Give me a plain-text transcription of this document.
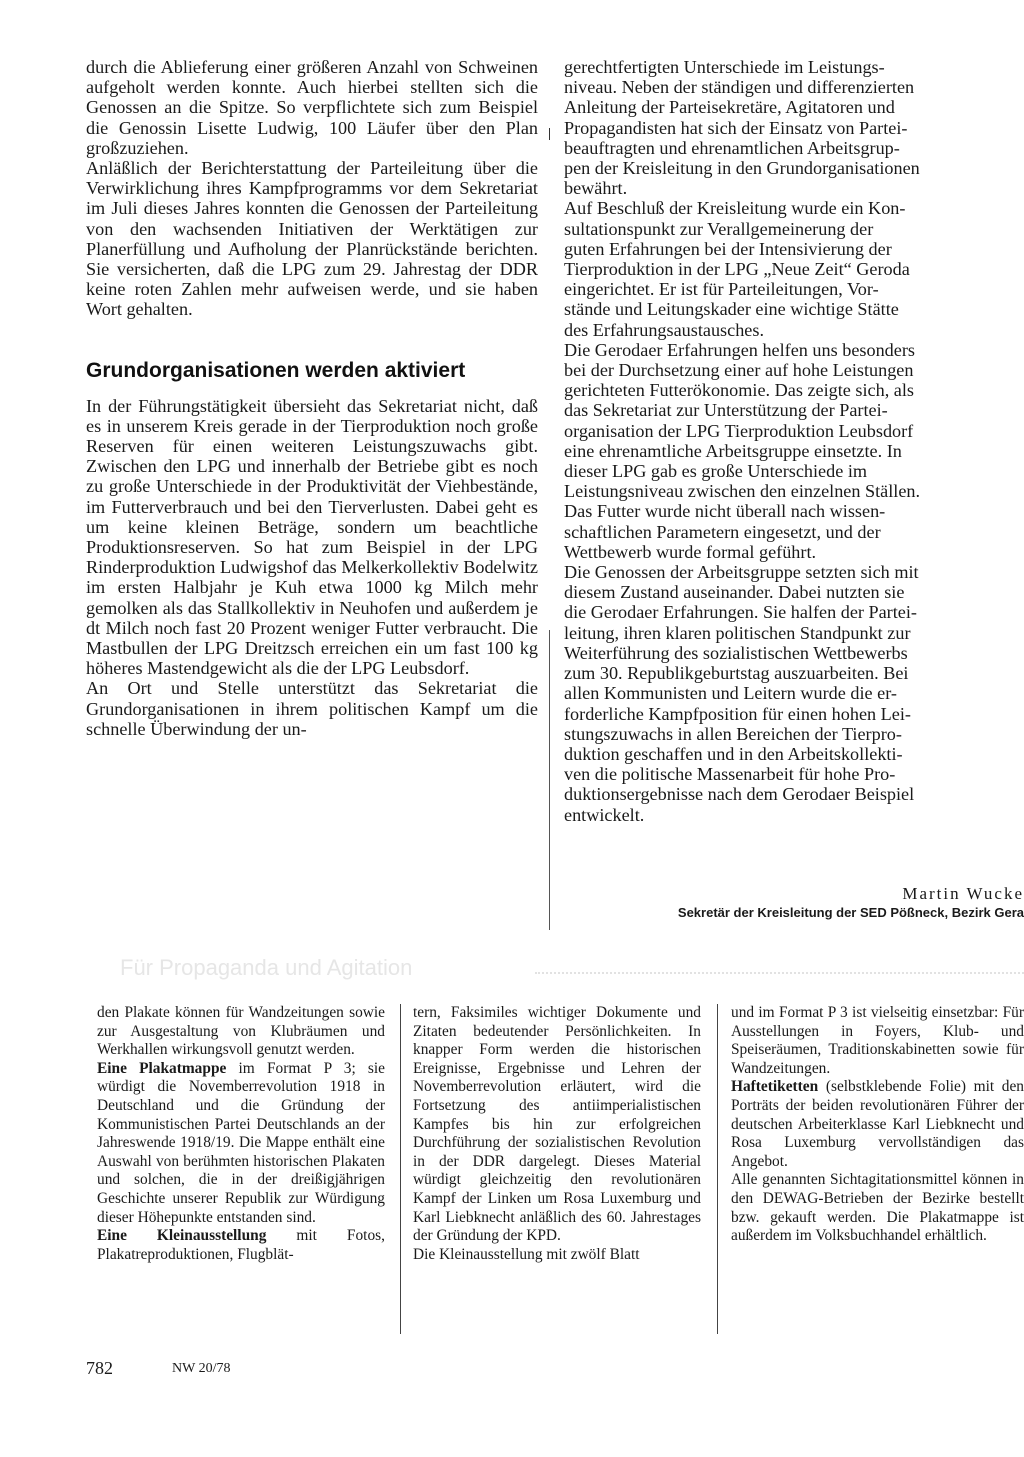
durch die Ablieferung einer größeren Anzahl von Schweinen aufgeholt werden konnte. Auch hierbei stellten sich die Genossen an die Spitze. So verpflichtete sich zum Beispiel die Genossin Lisette Ludwig, 100 Läufer über den Plan großzuziehen.

Anläßlich der Berichterstattung der Parteileitung über die Verwirklichung ihres Kampfprogramms vor dem Sekretariat im Juli dieses Jahres konnten die Genossen der Parteileitung von den wachsenden Initiativen der Werktätigen zur Planerfüllung und Aufholung der Planrückstände berichten. Sie versicherten, daß die LPG zum 29. Jahrestag der DDR keine roten Zahlen mehr aufweisen werde, und sie haben Wort gehalten.

Grundorganisationen werden aktiviert

In der Führungstätigkeit übersieht das Sekretariat nicht, daß es in unserem Kreis gerade in der Tierproduktion noch große Reserven für einen weiteren Leistungszuwachs gibt. Zwischen den LPG und innerhalb der Betriebe gibt es noch zu große Unterschiede in der Produktivität der Viehbestände, im Futterverbrauch und bei den Tierverlusten. Dabei geht es um keine kleinen Beträge, sondern um beachtliche Produktionsreserven. So hat zum Beispiel in der LPG Rinderproduktion Ludwigshof das Melkerkollektiv Bodelwitz im ersten Halbjahr je Kuh etwa 1000 kg Milch mehr gemolken als das Stallkollektiv in Neuhofen und außerdem je dt Milch noch fast 20 Prozent weniger Futter verbraucht. Die Mastbullen der LPG Dreitzsch erreichen ein um fast 100 kg höheres Mastendgewicht als die der LPG Leubsdorf.

An Ort und Stelle unterstützt das Sekretariat die Grundorganisationen in ihrem politischen Kampf um die schnelle Überwindung der un-

gerechtfertigten Unterschiede im Leistungs-
niveau. Neben der ständigen und differenzierten
Anleitung der Parteisekretäre, Agitatoren und
Propagandisten hat sich der Einsatz von Partei-
beauftragten und ehrenamtlichen Arbeitsgrup-
pen der Kreisleitung in den Grundorganisationen
bewährt.

Auf Beschluß der Kreisleitung wurde ein Kon-
sultationspunkt zur Verallgemeinerung der
guten Erfahrungen bei der Intensivierung der
Tierproduktion in der LPG „Neue Zeit“ Gerodа
eingerichtet. Er ist für Parteileitungen, Vor-
stände und Leitungskader eine wichtige Stätte
des Erfahrungsaustausches.

Die Gerodaer Erfahrungen helfen uns besonders
bei der Durchsetzung einer auf hohe Leistungen
gerichteten Futterökonomie. Das zeigte sich, als
das Sekretariat zur Unterstützung der Partei-
organisation der LPG Tierproduktion Leubsdorf
eine ehrenamtliche Arbeitsgruppe einsetzte. In
dieser LPG gab es große Unterschiede im
Leistungsniveau zwischen den einzelnen Ställen.
Das Futter wurde nicht überall nach wissen-
schaftlichen Parametern eingesetzt, und der
Wettbewerb wurde formal geführt.

Die Genossen der Arbeitsgruppe setzten sich mit
diesem Zustand auseinander. Dabei nutzten sie
die Gerodaer Erfahrungen. Sie halfen der Partei-
leitung, ihren klaren politischen Standpunkt zur
Weiterführung des sozialistischen Wettbewerbs
zum 30. Republikgeburtstag auszuarbeiten. Bei
allen Kommunisten und Leitern wurde die er-
forderliche Kampfposition für einen hohen Lei-
stungszuwachs in allen Bereichen der Tierpro-
duktion geschaffen und in den Arbeitskollekti-
ven die politische Massenarbeit für hohe Pro-
duktionsergebnisse nach dem Gerodaer Beispiel
entwickelt.

Martin Wucke
Sekretär der Kreisleitung der SED Pößneck, Bezirk Gera
Für Propaganda und Agitation

den Plakate können für Wandzeitungen sowie zur Ausgestaltung von Klubräumen und Werkhallen wirkungsvoll genutzt werden.

Eine Plakatmappe im Format P 3; sie würdigt die Novemberrevolution 1918 in Deutschland und die Gründung der Kommunistischen Partei Deutschlands an der Jahreswende 1918/19. Die Mappe enthält eine Auswahl von berühmten historischen Plakaten und solchen, die in der dreißigjährigen Geschichte unserer Republik zur Würdigung dieser Höhepunkte entstanden sind.

Eine Kleinausstellung mit Fotos, Plakatreproduktionen, Flugblät-

tern, Faksimiles wichtiger Dokumente und Zitaten bedeutender Persönlichkeiten. In knapper Form werden die historischen Ereignisse, Ergebnisse und Lehren der Novemberrevolution erläutert, wird die Fortsetzung des antiimperialistischen Kampfes bis hin zur erfolgreichen Durchführung der sozialistischen Revolution in der DDR dargelegt. Dieses Material würdigt gleichzeitig den revolutionären Kampf der Linken um Rosa Luxemburg und Karl Liebknecht anläßlich des 60. Jahrestages der Gründung der KPD.

Die Kleinausstellung mit zwölf Blatt

und im Format P 3 ist vielseitig einsetzbar: Für Ausstellungen in Foyers, Klub- und Speiseräumen, Traditionskabinetten sowie für Wandzeitungen.

Haftetiketten (selbstklebende Folie) mit den Porträts der beiden revolutionären Führer der deutschen Arbeiterklasse Karl Liebknecht und Rosa Luxemburg vervollständigen das Angebot.

Alle genannten Sichtagitationsmittel können in den DEWAG-Betrieben der Bezirke bestellt bzw. gekauft werden. Die Plakatmappe ist außerdem im Volksbuchhandel erhältlich.

782	NW 20/78
